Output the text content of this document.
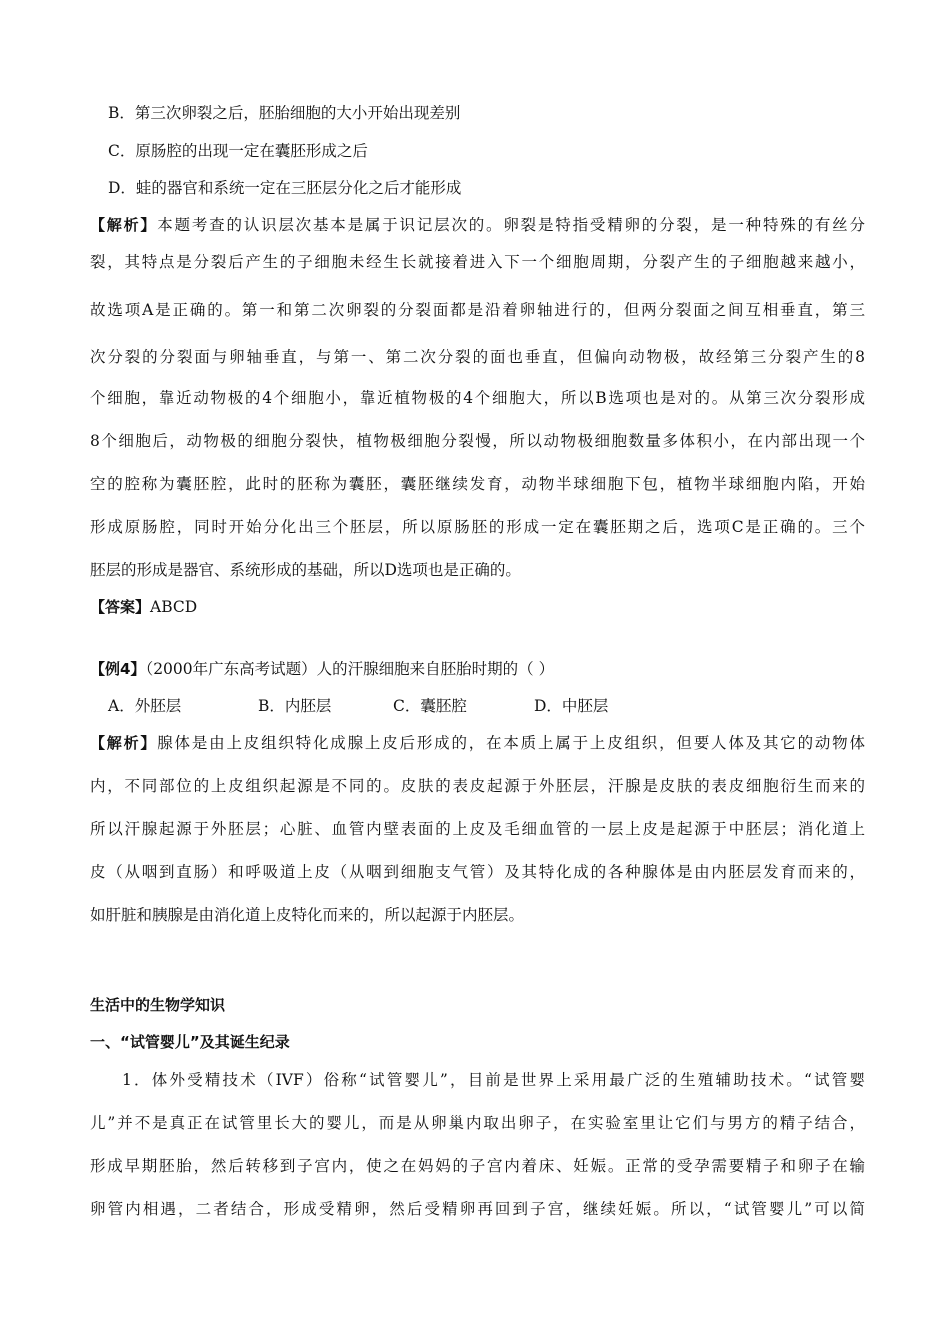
B．第三次卵裂之后，胚胎细胞的大小开始出现差别
C．原肠腔的出现一定在囊胚形成之后
D．蛙的器官和系统一定在三胚层分化之后才能形成
【解析】本题考查的认识层次基本是属于识记层次的。卵裂是特指受精卵的分裂，是一种特殊的有丝分
裂，其特点是分裂后产生的子细胞未经生长就接着进入下一个细胞周期，分裂产生的子细胞越来越小，
故选项A是正确的。第一和第二次卵裂的分裂面都是沿着卵轴进行的，但两分裂面之间互相垂直，第三
次分裂的分裂面与卵轴垂直，与第一、第二次分裂的面也垂直，但偏向动物极，故经第三分裂产生的8
个细胞，靠近动物极的4个细胞小，靠近植物极的4个细胞大，所以B选项也是对的。从第三次分裂形成
8个细胞后，动物极的细胞分裂快，植物极细胞分裂慢，所以动物极细胞数量多体积小，在内部出现一个
空的腔称为囊胚腔，此时的胚称为囊胚，囊胚继续发育，动物半球细胞下包，植物半球细胞内陷，开始
形成原肠腔，同时开始分化出三个胚层，所以原肠胚的形成一定在囊胚期之后，选项C是正确的。三个
胚层的形成是器官、系统形成的基础，所以D选项也是正确的。
【答案】ABCD
【例4】（2000年广东高考试题）人的汗腺细胞来自胚胎时期的（ ）
A．外胚层	B．内胚层	C．囊胚腔	D．中胚层
【解析】腺体是由上皮组织特化成腺上皮后形成的，在本质上属于上皮组织，但要人体及其它的动物体
内，不同部位的上皮组织起源是不同的。皮肤的表皮起源于外胚层，汗腺是皮肤的表皮细胞衍生而来的
所以汗腺起源于外胚层；心脏、血管内壁表面的上皮及毛细血管的一层上皮是起源于中胚层；消化道上
皮（从咽到直肠）和呼吸道上皮（从咽到细胞支气管）及其特化成的各种腺体是由内胚层发育而来的，
如肝脏和胰腺是由消化道上皮特化而来的，所以起源于内胚层。
生活中的生物学知识
一、“试管婴儿”及其诞生纪录
1．体外受精技术（IVF）俗称“试管婴儿”，目前是世界上采用最广泛的生殖辅助技术。“试管婴
儿”并不是真正在试管里长大的婴儿，而是从卵巢内取出卵子，在实验室里让它们与男方的精子结合，
形成早期胚胎，然后转移到子宫内，使之在妈妈的子宫内着床、妊娠。正常的受孕需要精子和卵子在输
卵管内相遇，二者结合，形成受精卵，然后受精卵再回到子宫，继续妊娠。所以，“试管婴儿”可以简
